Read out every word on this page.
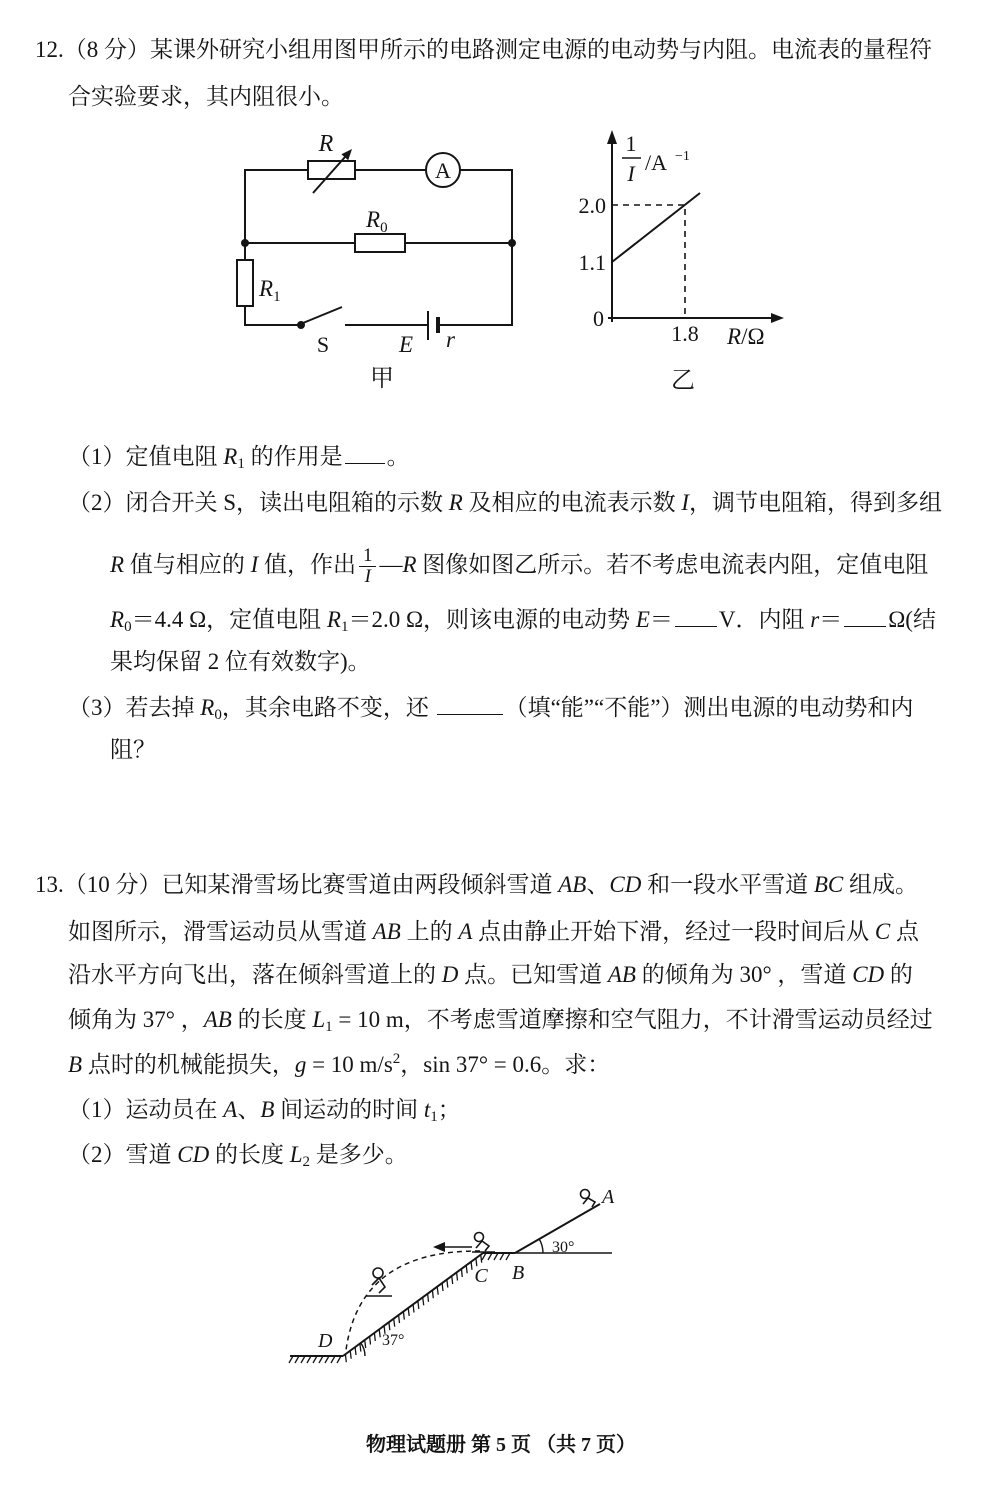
12.（8 分）某课外研究小组用图甲所示的电路测定电源的电动势与内阻。电流表的量程符
合实验要求，其内阻很小。
R
A
$R_0$
$R_1$
S	E r
甲
1
I /A −1
2.0
1.1
0
1.8 R/Ω
乙
（1）定值电阻 $R_1$ 的作用是 。
（2）闭合开关 S，读出电阻箱的示数 R 及相应的电流表示数 I，调节电阻箱，得到多组
R 值与相应的 I 值，作出 $\frac{1}{I}$ —R 图像如图乙所示。若不考虑电流表内阻，定值电阻
$R_0=4.4$ Ω，定值电阻 $R_1=2.0$ Ω，则该电源的电动势 E＝ V．内阻 r＝ Ω(结
果均保留 2 位有效数字)。
（3）若去掉 $R_0$，其余电路不变，还	（填“能”“不能”）测出电源的电动势和内
阻？
13.（10 分）已知某滑雪场比赛雪道由两段倾斜雪道 AB、CD 和一段水平雪道 BC 组成。
如图所示，滑雪运动员从雪道 AB 上的 A 点由静止开始下滑，经过一段时间后从 C 点
沿水平方向飞出，落在倾斜雪道上的 D 点。已知雪道 AB 的倾角为 30° ，雪道 CD 的
倾角为 37° ，AB 的长度 $L_1 = 10$ m，不考虑雪道摩擦和空气阻力，不计滑雪运动员经过
B 点时的机械能损失，g = 10 $m/s^2$，sin 37° = 0.6。求：
（1）运动员在 A、B 间运动的时间 $t_1$；
（2）雪道 CD 的长度 $L_2$ 是多少。
A
30°
C B
D	37°
物理试题册 第 5 页 （共 7 页）
